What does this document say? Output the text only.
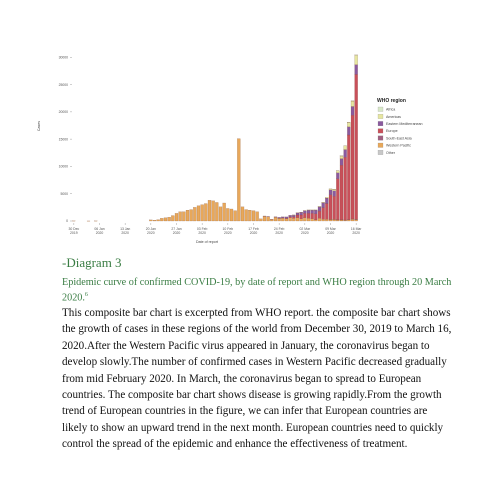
0
5000
10000
15000
20000
25000
30000
30 Dec
2019
06 Jan
2020
13 Jan
2020
20 Jan
2020
27 Jan
2020
03 Feb
2020
10 Feb
2020
17 Feb
2020
24 Feb
2020
02 Mar
2020
09 Mar
2020
16 Mar
2020
Cases
Date of report
WHO region
Africa
Americas
Eastern Mediterranean
Europe
South-East Asia
Western Pacific
Other

-Diagram 3

Epidemic curve of confirmed COVID-19, by date of report and WHO region through 20 March 2020.$^6$

This composite bar chart is excerpted from WHO report. the composite bar chart shows the growth of cases in these regions of the world from December 30, 2019 to March 16, 2020.After the Western Pacific virus appeared in January, the coronavirus began to develop slowly.The number of confirmed cases in Western Pacific decreased gradually from mid February 2020. In March, the coronavirus began to spread to European countries. The composite bar chart shows disease is growing rapidly.From the growth trend of European countries in the figure, we can infer that European countries are likely to show an upward trend in the next month. European countries need to quickly control the spread of the epidemic and enhance the effectiveness of treatment.
